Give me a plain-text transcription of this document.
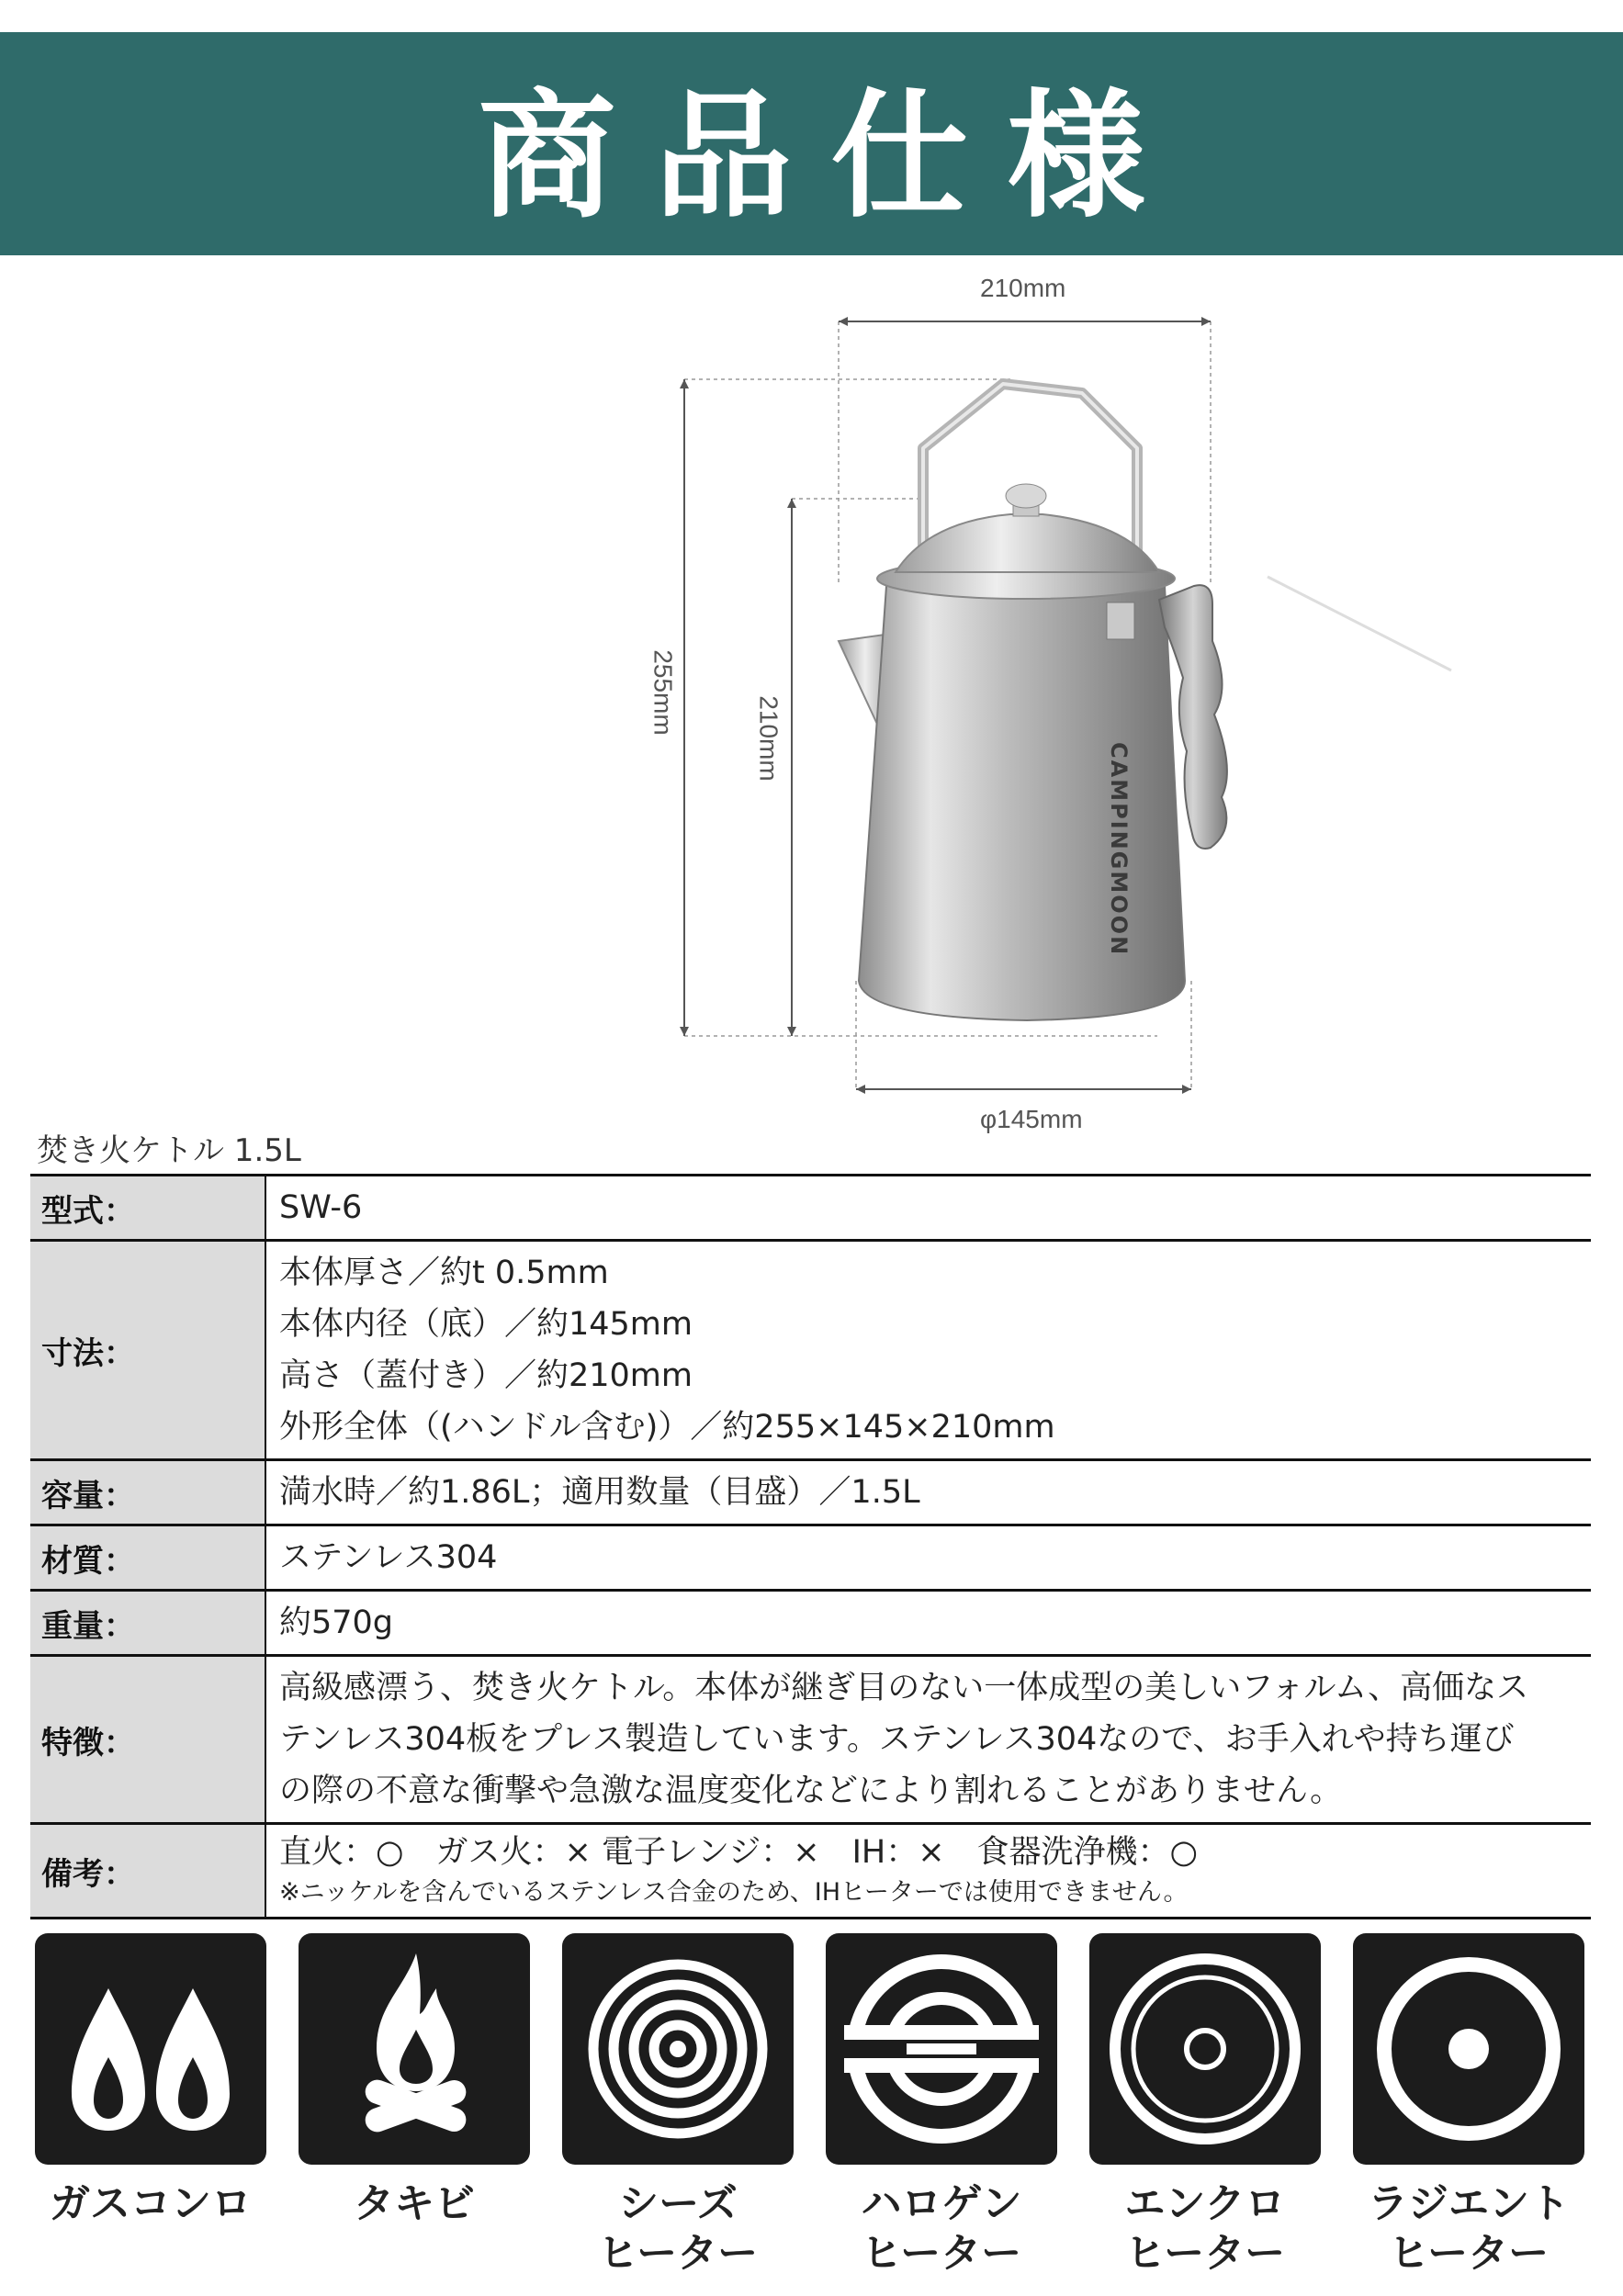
商品仕様
CAMPINGMOON
210mm
255mm
210mm
φ145mm
焚き火ケトル 1.5L
型式：	SW-6
寸法：	本体厚さ／約t 0.5mm
本体内径（底）／約145mm
高さ（蓋付き）／約210mm
外形全体（(ハンドル含む)）／約255×145×210mm

容量：	満水時／約1.86L；適用数量（目盛）／1.5L
材質：	ステンレス304
重量：	約570g
特徴：	高級感漂う、焚き火ケトル。本体が継ぎ目のない一体成型の美しいフォルム、高価なス
テンレス304板をプレス製造しています。ステンレス304なので、お手入れや持ち運び
の際の不意な衝撃や急激な温度変化などにより割れることがありません。

備考：	直火：○　ガス火：× 電子レンジ：×　IH：×　食器洗浄機：○
※ニッケルを含んでいるステンレス合金のため、IHヒーターでは使用できません。
ガスコンロ	タキビ	シーズ
ヒーター
ハロゲン
ヒーター
エンクロ
ヒーター
ラジエント
ヒーター
